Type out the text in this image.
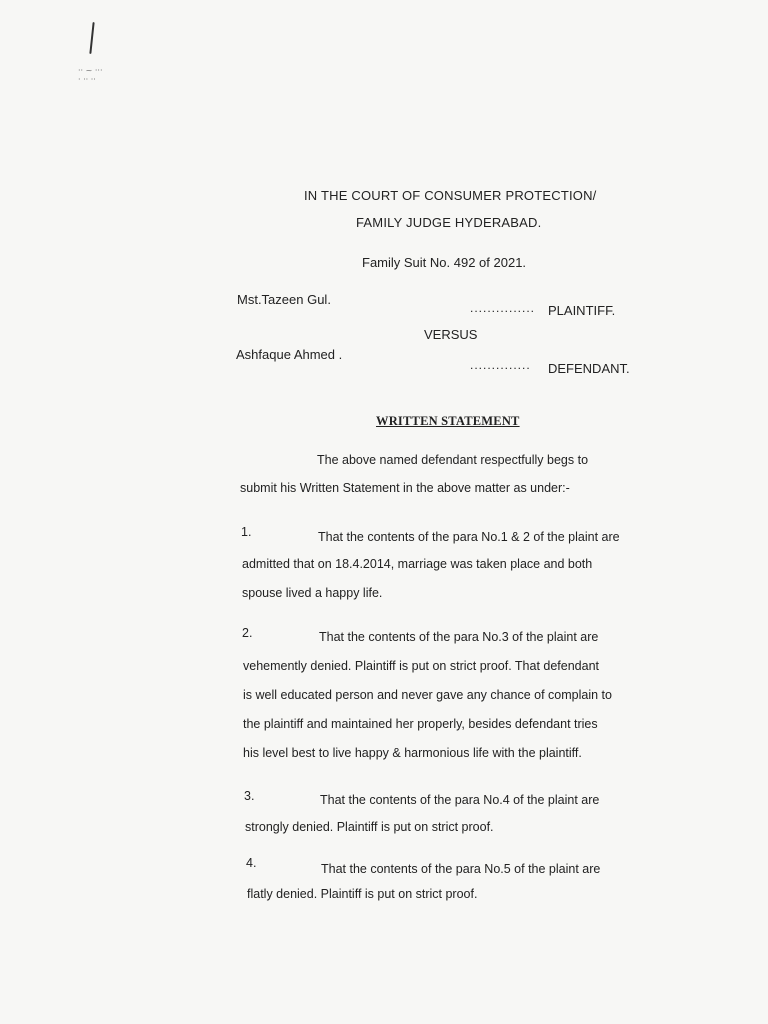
·· ~ ···
· ·· ··
IN THE COURT OF CONSUMER PROTECTION/
FAMILY JUDGE HYDERABAD.
Family Suit No. 492 of 2021.
Mst.Tazeen Gul.
............... PLAINTIFF.
VERSUS
Ashfaque Ahmed .
.............. DEFENDANT.
WRITTEN STATEMENT
The above named defendant respectfully begs to
submit his Written Statement in the above matter as under:-
1.	That the contents of the para No.1 & 2 of the plaint are
admitted that on 18.4.2014, marriage was taken place and both
spouse lived a happy life.
2.	That the contents of the para No.3 of the plaint are
vehemently denied. Plaintiff is put on strict proof. That defendant
is well educated person and never gave any chance of complain to
the plaintiff and maintained her properly, besides defendant tries
his level best to live happy & harmonious life with the plaintiff.
3.	That the contents of the para No.4 of the plaint are
strongly denied. Plaintiff is put on strict proof.
4.	That the contents of the para No.5 of the plaint are
flatly denied. Plaintiff is put on strict proof.
